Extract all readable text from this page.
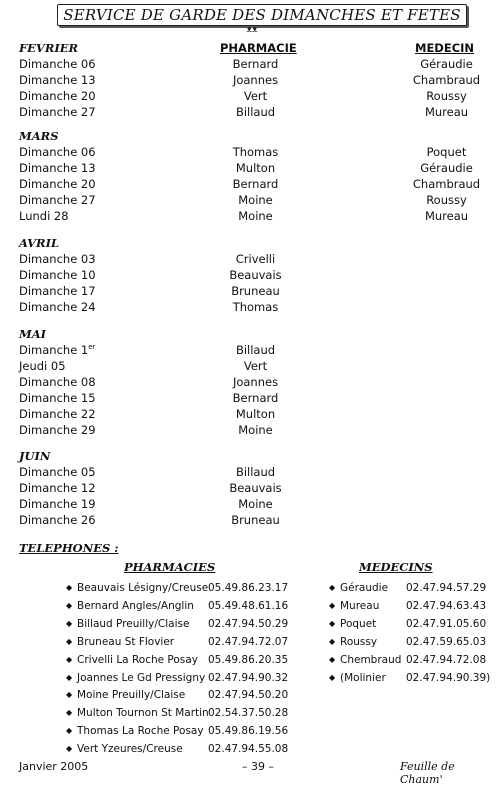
SERVICE DE GARDE DES DIMANCHES ET FETES
ᴥᴥ
PHARMACIE	MEDECIN
FEVRIER
Dimanche 06	Bernard	Géraudie
Dimanche 13	Joannes	Chambraud
Dimanche 20	Vert	Roussy
Dimanche 27	Billaud	Mureau
MARS
Dimanche 06	Thomas	Poquet
Dimanche 13	Multon	Géraudie
Dimanche 20	Bernard	Chambraud
Dimanche 27	Moine	Roussy
Lundi 28	Moine	Mureau
AVRIL
Dimanche 03	Crivelli
Dimanche 10	Beauvais
Dimanche 17	Bruneau
Dimanche 24	Thomas
MAI
Dimanche 1er	Billaud
Jeudi 05	Vert
Dimanche 08	Joannes
Dimanche 15	Bernard
Dimanche 22	Multon
Dimanche 29	Moine
JUIN
Dimanche 05	Billaud
Dimanche 12	Beauvais
Dimanche 19	Moine
Dimanche 26	Bruneau
TELEPHONES :
PHARMACIES	MEDECINS
◆ Beauvais Lésigny/Creuse 05.49.86.23.17
◆ Bernard Angles/Anglin 05.49.48.61.16
◆ Billaud Preuilly/Claise 02.47.94.50.29
◆ Bruneau St Flovier	02.47.94.72.07
◆ Crivelli La Roche Posay 05.49.86.20.35
◆ Joannes Le Gd Pressigny 02.47.94.90.32
◆ Moine Preuilly/Claise 02.47.94.50.20
◆ Multon Tournon St Martin 02.54.37.50.28
◆ Thomas La Roche Posay 05.49.86.19.56
◆ Vert Yzeures/Creuse 02.47.94.55.08
◆ Géraudie 02.47.94.57.29
◆ Mureau	02.47.94.63.43
◆ Poquet	02.47.91.05.60
◆ Roussy	02.47.59.65.03
◆ Chembraud 02.47.94.72.08
◆ (Molinier 02.47.94.90.39)
Janvier 2005	– 39 –	Feuille de Chaum'
